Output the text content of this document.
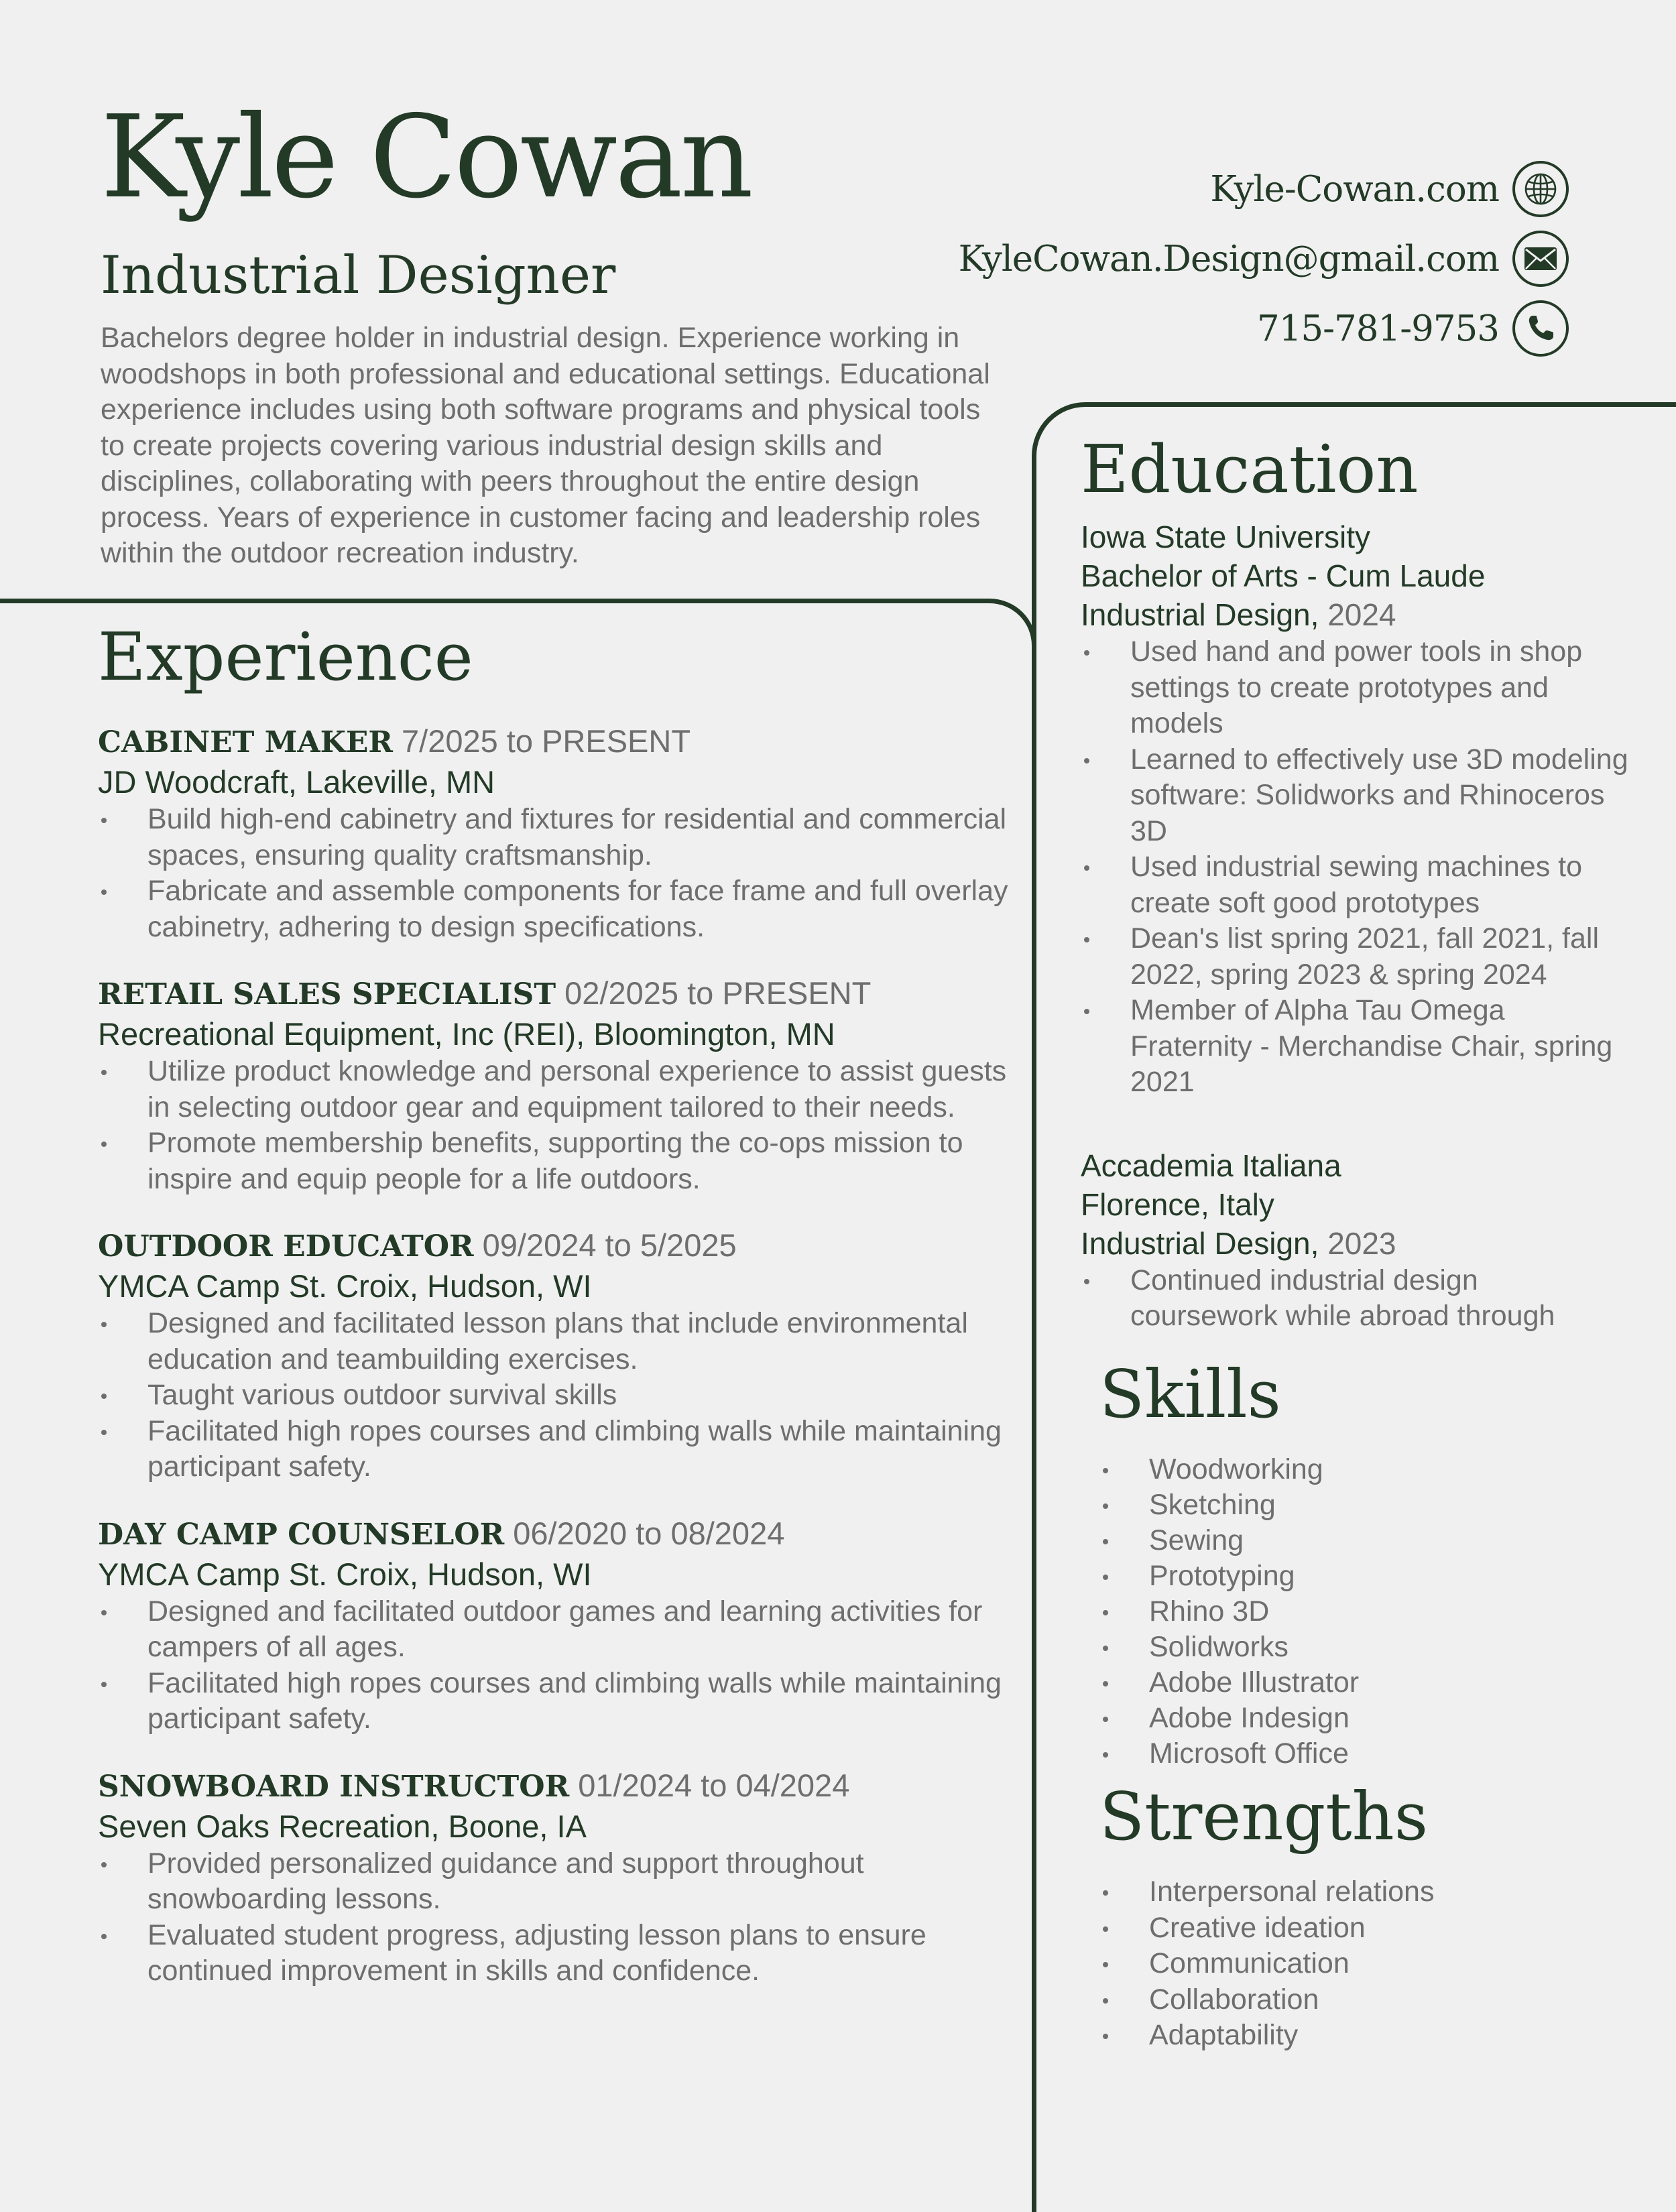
Kyle Cowan
Industrial Designer

Bachelors degree holder in industrial design. Experience working in woodshops in both professional and educational settings. Educational experience includes using both software programs and physical tools to create projects covering various industrial design skills and disciplines, collaborating with peers throughout the entire design process. Years of experience in customer facing and leadership roles within the outdoor recreation industry.

Kyle-Cowan.com
KyleCowan.Design@gmail.com
715-781-9753
Experience
CABINET MAKER 7/2025 to PRESENT
JD Woodcraft, Lakeville, MN
Build high-end cabinetry and fixtures for residential and commercial spaces, ensuring quality craftsmanship.
Fabricate and assemble components for face frame and full overlay cabinetry, adhering to design specifications.
RETAIL SALES SPECIALIST 02/2025 to PRESENT
Recreational Equipment, Inc (REI), Bloomington, MN
Utilize product knowledge and personal experience to assist guests in selecting outdoor gear and equipment tailored to their needs.
Promote membership benefits, supporting the co-ops mission to inspire and equip people for a life outdoors.
OUTDOOR EDUCATOR 09/2024 to 5/2025
YMCA Camp St. Croix, Hudson, WI
Designed and facilitated lesson plans that include environmental education and teambuilding exercises.
Taught various outdoor survival skills
Facilitated high ropes courses and climbing walls while maintaining participant safety.
DAY CAMP COUNSELOR 06/2020 to 08/2024
YMCA Camp St. Croix, Hudson, WI
Designed and facilitated outdoor games and learning activities for campers of all ages.
Facilitated high ropes courses and climbing walls while maintaining participant safety.
SNOWBOARD INSTRUCTOR 01/2024 to 04/2024
Seven Oaks Recreation, Boone, IA
Provided personalized guidance and support throughout snowboarding lessons.
Evaluated student progress, adjusting lesson plans to ensure continued improvement in skills and confidence.
Education
Iowa State University
Bachelor of Arts - Cum Laude
Industrial Design, 2024
Used hand and power tools in shop settings to create prototypes and models
Learned to effectively use 3D modeling software: Solidworks and Rhinoceros 3D
Used industrial sewing machines to create soft good prototypes
Dean's list spring 2021, fall 2021, fall 2022, spring 2023 & spring 2024
Member of Alpha Tau Omega Fraternity - Merchandise Chair, spring 2021
Accademia Italiana
Florence, Italy
Industrial Design, 2023
Continued industrial design coursework while abroad through
Skills
Woodworking
Sketching
Sewing
Prototyping
Rhino 3D
Solidworks
Adobe Illustrator
Adobe Indesign
Microsoft Office
Strengths
Interpersonal relations
Creative ideation
Communication
Collaboration
Adaptability
